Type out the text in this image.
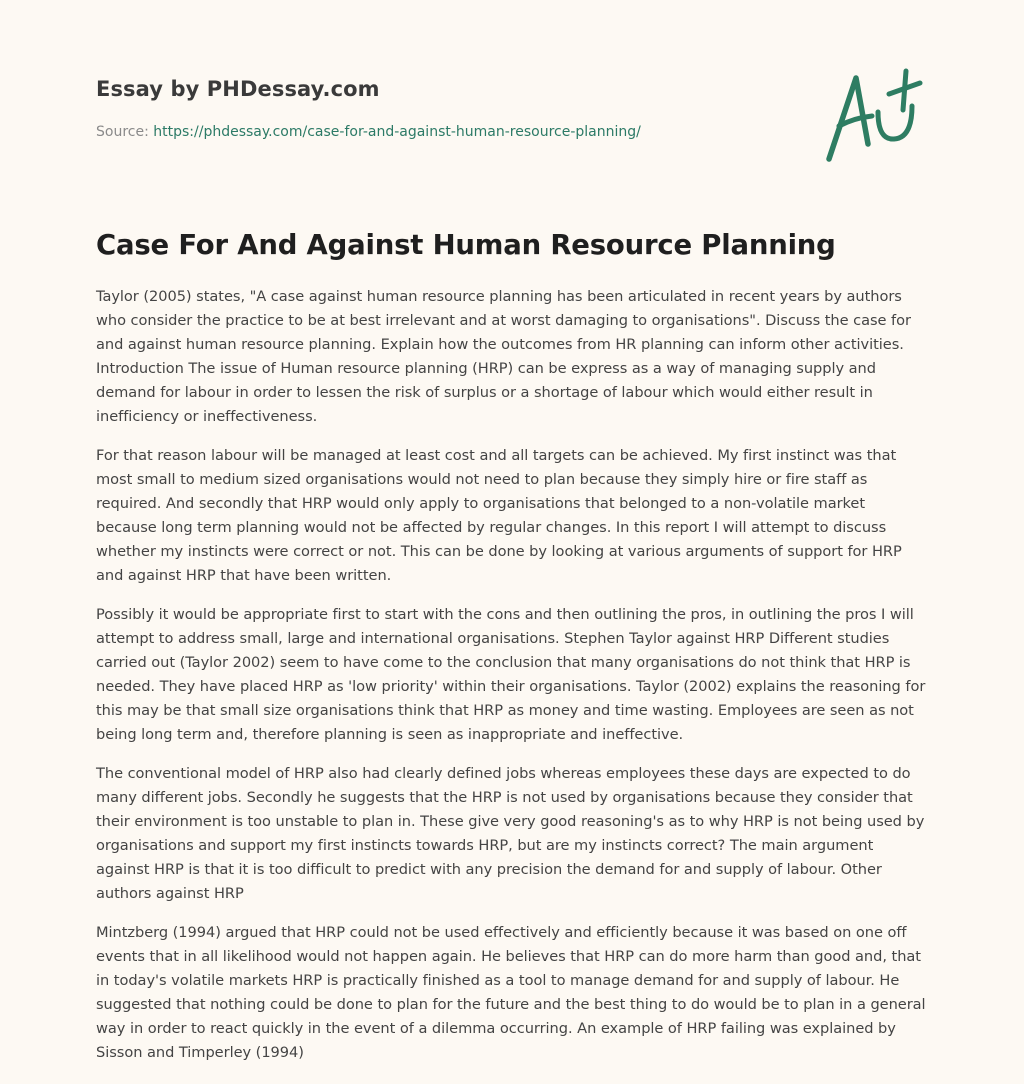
Essay by PHDessay.com
Source: https://phdessay.com/case-for-and-against-human-resource-planning/
Case For And Against Human Resource Planning

Taylor (2005) states, "A case against human resource planning has been articulated in recent years by authors who consider the practice to be at best irrelevant and at worst damaging to organisations". Discuss the case for and against human resource planning. Explain how the outcomes from HR planning can inform other activities. Introduction The issue of Human resource planning (HRP) can be express as a way of managing supply and demand for labour in order to lessen the risk of surplus or a shortage of labour which would either result in inefficiency or ineffectiveness.

For that reason labour will be managed at least cost and all targets can be achieved. My first instinct was that most small to medium sized organisations would not need to plan because they simply hire or fire staff as required. And secondly that HRP would only apply to organisations that belonged to a non-volatile market because long term planning would not be affected by regular changes. In this report I will attempt to discuss whether my instincts were correct or not. This can be done by looking at various arguments of support for HRP and against HRP that have been written.

Possibly it would be appropriate first to start with the cons and then outlining the pros, in outlining the pros I will attempt to address small, large and international organisations. Stephen Taylor against HRP Different studies carried out (Taylor 2002) seem to have come to the conclusion that many organisations do not think that HRP is needed. They have placed HRP as 'low priority' within their organisations. Taylor (2002) explains the reasoning for this may be that small size organisations think that HRP as money and time wasting. Employees are seen as not being long term and, therefore planning is seen as inappropriate and ineffective.

The conventional model of HRP also had clearly defined jobs whereas employees these days are expected to do many different jobs. Secondly he suggests that the HRP is not used by organisations because they consider that their environment is too unstable to plan in. These give very good reasoning's as to why HRP is not being used by organisations and support my first instincts towards HRP, but are my instincts correct? The main argument against HRP is that it is too difficult to predict with any precision the demand for and supply of labour. Other authors against HRP

Mintzberg (1994) argued that HRP could not be used effectively and efficiently because it was based on one off events that in all likelihood would not happen again. He believes that HRP can do more harm than good and, that in today's volatile markets HRP is practically finished as a tool to manage demand for and supply of labour. He suggested that nothing could be done to plan for the future and the best thing to do would be to plan in a general way in order to react quickly in the event of a dilemma occurring. An example of HRP failing was explained by Sisson and Timperley (1994)
